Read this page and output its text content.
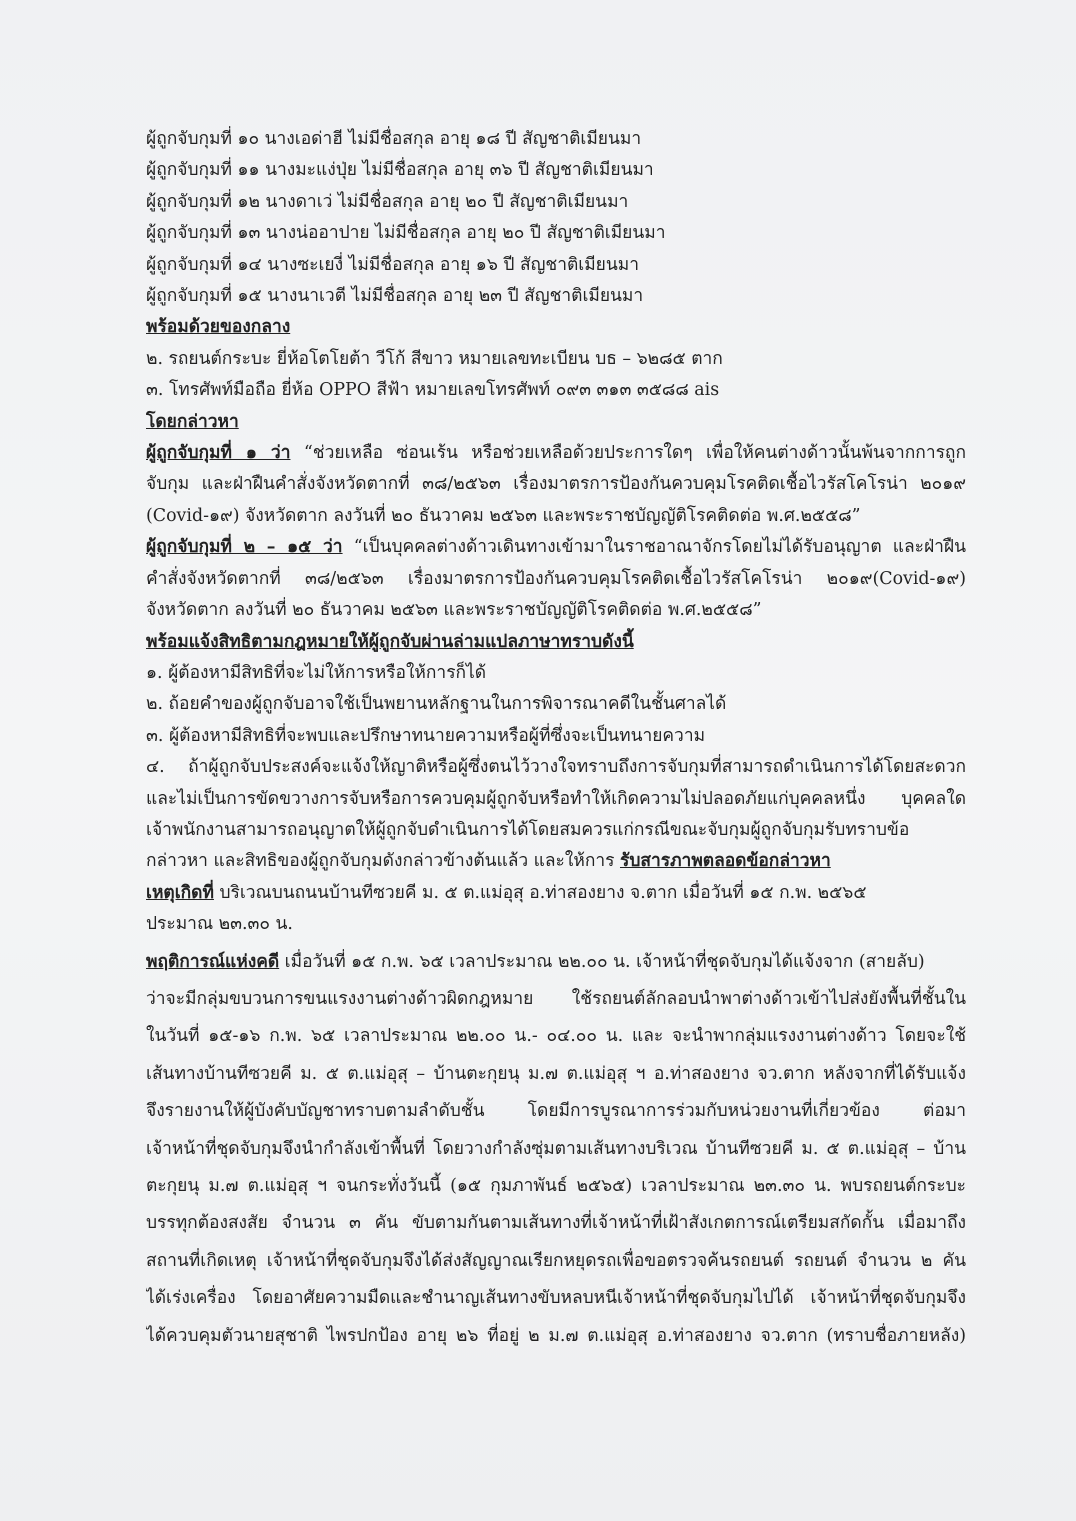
ผู้ถูกจับกุมที่ ๑๐ นางเอด่าฮี ไม่มีชื่อสกุล อายุ ๑๘ ปี สัญชาติเมียนมา
ผู้ถูกจับกุมที่ ๑๑ นางมะแง่ปุ่ย ไม่มีชื่อสกุล อายุ ๓๖ ปี สัญชาติเมียนมา
ผู้ถูกจับกุมที่ ๑๒ นางดาเว่ ไม่มีชื่อสกุล อายุ ๒๐ ปี สัญชาติเมียนมา
ผู้ถูกจับกุมที่ ๑๓ นางน่ออาปาย ไม่มีชื่อสกุล อายุ ๒๐ ปี สัญชาติเมียนมา
ผู้ถูกจับกุมที่ ๑๔ นางซะเยงี่ ไม่มีชื่อสกุล อายุ ๑๖ ปี สัญชาติเมียนมา
ผู้ถูกจับกุมที่ ๑๕ นางนาเวตี ไม่มีชื่อสกุล อายุ ๒๓ ปี สัญชาติเมียนมา
พร้อมด้วยของกลาง
๒. รถยนต์กระบะ ยี่ห้อโตโยต้า วีโก้ สีขาว หมายเลขทะเบียน บธ – ๖๒๘๕ ตาก
๓. โทรศัพท์มือถือ ยี่ห้อ OPPO สีฟ้า หมายเลขโทรศัพท์ ๐๙๓ ๓๑๓ ๓๕๘๘ ais
โดยกล่าวหา
ผู้ถูกจับกุมที่ ๑ ว่า “ช่วยเหลือ ซ่อนเร้น หรือช่วยเหลือด้วยประการใดๆ เพื่อให้คนต่างด้าวนั้นพ้นจากการถูก
จับกุม และฝ่าฝืนคำสั่งจังหวัดตากที่ ๓๘/๒๕๖๓ เรื่องมาตรการป้องกันควบคุมโรคติดเชื้อไวรัสโคโรน่า ๒๐๑๙
(Covid-๑๙) จังหวัดตาก ลงวันที่ ๒๐ ธันวาคม ๒๕๖๓ และพระราชบัญญัติโรคติดต่อ พ.ศ.๒๕๕๘”
ผู้ถูกจับกุมที่ ๒ – ๑๕ ว่า “เป็นบุคคลต่างด้าวเดินทางเข้ามาในราชอาณาจักรโดยไม่ได้รับอนุญาต และฝ่าฝืน
คำสั่งจังหวัดตากที่ ๓๘/๒๕๖๓ เรื่องมาตรการป้องกันควบคุมโรคติดเชื้อไวรัสโคโรน่า ๒๐๑๙(Covid-๑๙)
จังหวัดตาก ลงวันที่ ๒๐ ธันวาคม ๒๕๖๓ และพระราชบัญญัติโรคติดต่อ พ.ศ.๒๕๕๘”
พร้อมแจ้งสิทธิตามกฎหมายให้ผู้ถูกจับผ่านล่ามแปลภาษาทราบดังนี้
๑. ผู้ต้องหามีสิทธิที่จะไม่ให้การหรือให้การก็ได้
๒. ถ้อยคำของผู้ถูกจับอาจใช้เป็นพยานหลักฐานในการพิจารณาคดีในชั้นศาลได้
๓. ผู้ต้องหามีสิทธิที่จะพบและปรึกษาทนายความหรือผู้ที่ซึ่งจะเป็นทนายความ
๔. ถ้าผู้ถูกจับประสงค์จะแจ้งให้ญาติหรือผู้ซึ่งตนไว้วางใจทราบถึงการจับกุมที่สามารถดำเนินการได้โดยสะดวก
และไม่เป็นการขัดขวางการจับหรือการควบคุมผู้ถูกจับหรือทำให้เกิดความไม่ปลอดภัยแก่บุคคลหนึ่ง บุคคลใด
เจ้าพนักงานสามารถอนุญาตให้ผู้ถูกจับดำเนินการได้โดยสมควรแก่กรณีขณะจับกุมผู้ถูกจับกุมรับทราบข้อ
กล่าวหา และสิทธิของผู้ถูกจับกุมดังกล่าวข้างต้นแล้ว และให้การ รับสารภาพตลอดข้อกล่าวหา
เหตุเกิดที่ บริเวณบนถนนบ้านทีซวยคี ม. ๕ ต.แม่อุสุ อ.ท่าสองยาง จ.ตาก เมื่อวันที่ ๑๕ ก.พ. ๒๕๖๕
ประมาณ ๒๓.๓๐ น.
พฤติการณ์แห่งคดี เมื่อวันที่ ๑๕ ก.พ. ๖๕ เวลาประมาณ ๒๒.๐๐ น. เจ้าหน้าที่ชุดจับกุมได้แจ้งจาก (สายลับ)
ว่าจะมีกลุ่มขบวนการขนแรงงานต่างด้าวผิดกฎหมาย ใช้รถยนต์ลักลอบนำพาต่างด้าวเข้าไปส่งยังพื้นที่ชั้นใน
ในวันที่ ๑๕-๑๖ ก.พ. ๖๕ เวลาประมาณ ๒๒.๐๐ น.- ๐๔.๐๐ น. และ จะนำพากลุ่มแรงงานต่างด้าว โดยจะใช้
เส้นทางบ้านทีซวยคี ม. ๕ ต.แม่อุสุ – บ้านตะกุยนุ ม.๗ ต.แม่อุสุ ฯ อ.ท่าสองยาง จว.ตาก หลังจากที่ได้รับแจ้ง
จึงรายงานให้ผู้บังคับบัญชาทราบตามลำดับชั้น โดยมีการบูรณาการร่วมกับหน่วยงานที่เกี่ยวข้อง ต่อมา
เจ้าหน้าที่ชุดจับกุมจึงนำกำลังเข้าพื้นที่ โดยวางกำลังซุ่มตามเส้นทางบริเวณ บ้านทีซวยคี ม. ๕ ต.แม่อุสุ – บ้าน
ตะกุยนุ ม.๗ ต.แม่อุสุ ฯ จนกระทั่งวันนี้ (๑๕ กุมภาพันธ์ ๒๕๖๕) เวลาประมาณ ๒๓.๓๐ น. พบรถยนต์กระบะ
บรรทุกต้องสงสัย จำนวน ๓ คัน ขับตามกันตามเส้นทางที่เจ้าหน้าที่เฝ้าสังเกตการณ์เตรียมสกัดกั้น เมื่อมาถึง
สถานที่เกิดเหตุ เจ้าหน้าที่ชุดจับกุมจึงได้ส่งสัญญาณเรียกหยุดรถเพื่อขอตรวจค้นรถยนต์ รถยนต์ จำนวน ๒ คัน
ได้เร่งเครื่อง โดยอาศัยความมืดและชำนาญเส้นทางขับหลบหนีเจ้าหน้าที่ชุดจับกุมไปได้ เจ้าหน้าที่ชุดจับกุมจึง
ได้ควบคุมตัวนายสุชาติ ไพรปกป้อง อายุ ๒๖ ที่อยู่ ๒ ม.๗ ต.แม่อุสุ อ.ท่าสองยาง จว.ตาก (ทราบชื่อภายหลัง)
